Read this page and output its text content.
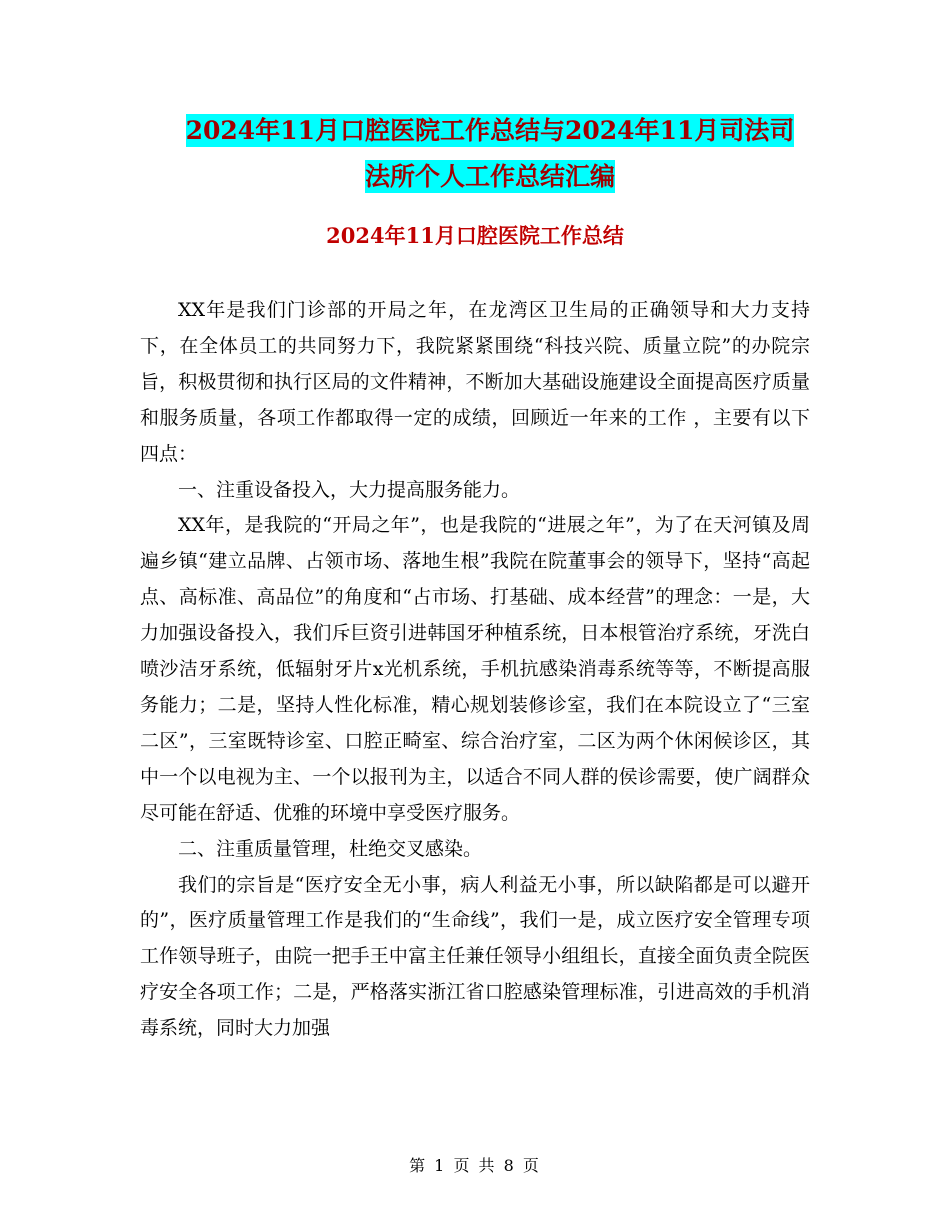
2024年11月口腔医院工作总结与2024年11月司法司
法所个人工作总结汇编
2024年11月口腔医院工作总结

XX年是我们门诊部的开局之年，在龙湾区卫生局的正确领导和大力支持下，在全体员工的共同努力下，我院紧紧围绕“科技兴院、质量立院”的办院宗旨，积极贯彻和执行区局的文件精神，不断加大基础设施建设全面提高医疗质量和服务质量，各项工作都取得一定的成绩，回顾近一年来的工作 ，主要有以下四点：

一、注重设备投入，大力提高服务能力。

XX年，是我院的“开局之年”，也是我院的“进展之年”，为了在天河镇及周遍乡镇“建立品牌、占领市场、落地生根”我院在院董事会的领导下，坚持“高起点、高标准、高品位”的角度和“占市场、打基础、成本经营”的理念：一是，大力加强设备投入，我们斥巨资引进韩国牙种植系统，日本根管治疗系统，牙洗白喷沙洁牙系统，低辐射牙片x光机系统，手机抗感染消毒系统等等，不断提高服务能力；二是，坚持人性化标准，精心规划装修诊室，我们在本院设立了“三室二区”，三室既特诊室、口腔正畸室、综合治疗室，二区为两个休闲候诊区，其中一个以电视为主、一个以报刊为主，以适合不同人群的侯诊需要，使广阔群众尽可能在舒适、优雅的环境中享受医疗服务。

二、注重质量管理，杜绝交叉感染。

我们的宗旨是“医疗安全无小事，病人利益无小事，所以缺陷都是可以避开的”，医疗质量管理工作是我们的“生命线”，我们一是，成立医疗安全管理专项工作领导班子，由院一把手王中富主任兼任领导小组组长，直接全面负责全院医疗安全各项工作；二是，严格落实浙江省口腔感染管理标准，引进高效的手机消毒系统，同时大力加强

第 1 页 共 8 页
